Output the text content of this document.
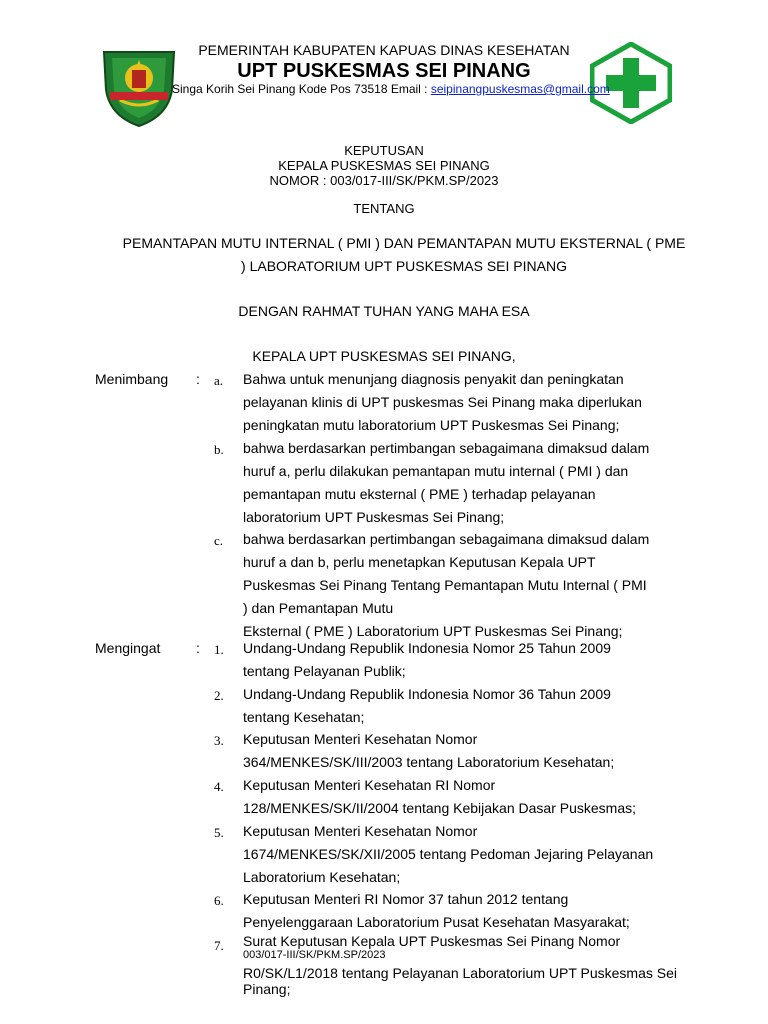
PEMERINTAH KABUPATEN KAPUAS DINAS KESEHATAN
UPT PUSKESMAS SEI PINANG
Singa Korih Sei Pinang Kode Pos 73518 Email : seipinangpuskesmas@gmail.com
KEPUTUSAN
KEPALA PUSKESMAS SEI PINANG
NOMOR : 003/017-III/SK/PKM.SP/2023
TENTANG
PEMANTAPAN MUTU INTERNAL ( PMI ) DAN PEMANTAPAN MUTU EKSTERNAL ( PME
) LABORATORIUM UPT PUSKESMAS SEI PINANG
DENGAN RAHMAT TUHAN YANG MAHA ESA
KEPALA UPT PUSKESMAS SEI PINANG,
Menimbang : a. Bahwa untuk menunjang diagnosis penyakit dan peningkatan
pelayanan klinis di UPT puskesmas Sei Pinang maka diperlukan
peningkatan mutu laboratorium UPT Puskesmas Sei Pinang;
b. bahwa berdasarkan pertimbangan sebagaimana dimaksud dalam
huruf a, perlu dilakukan pemantapan mutu internal ( PMI ) dan
pemantapan mutu eksternal ( PME ) terhadap pelayanan
laboratorium UPT Puskesmas Sei Pinang;
c. bahwa berdasarkan pertimbangan sebagaimana dimaksud dalam
huruf a dan b, perlu menetapkan Keputusan Kepala UPT
Puskesmas Sei Pinang Tentang Pemantapan Mutu Internal ( PMI
) dan Pemantapan Mutu
Eksternal ( PME ) Laboratorium UPT Puskesmas Sei Pinang;
Mengingat	: 1. Undang-Undang Republik Indonesia Nomor 25 Tahun 2009
tentang Pelayanan Publik;
2. Undang-Undang Republik Indonesia Nomor 36 Tahun 2009
tentang Kesehatan;
3. Keputusan Menteri Kesehatan Nomor
364/MENKES/SK/III/2003 tentang Laboratorium Kesehatan;
4. Keputusan Menteri Kesehatan RI Nomor
128/MENKES/SK/II/2004 tentang Kebijakan Dasar Puskesmas;
5. Keputusan Menteri Kesehatan Nomor
1674/MENKES/SK/XII/2005 tentang Pedoman Jejaring Pelayanan
Laboratorium Kesehatan;
6. Keputusan Menteri RI Nomor 37 tahun 2012 tentang
Penyelenggaraan Laboratorium Pusat Kesehatan Masyarakat;
7. Surat Keputusan Kepala UPT Puskesmas Sei Pinang Nomor
003/017-III/SK/PKM.SP/2023
R0/SK/L1/2018 tentang Pelayanan Laboratorium UPT Puskesmas Sei
Pinang;
